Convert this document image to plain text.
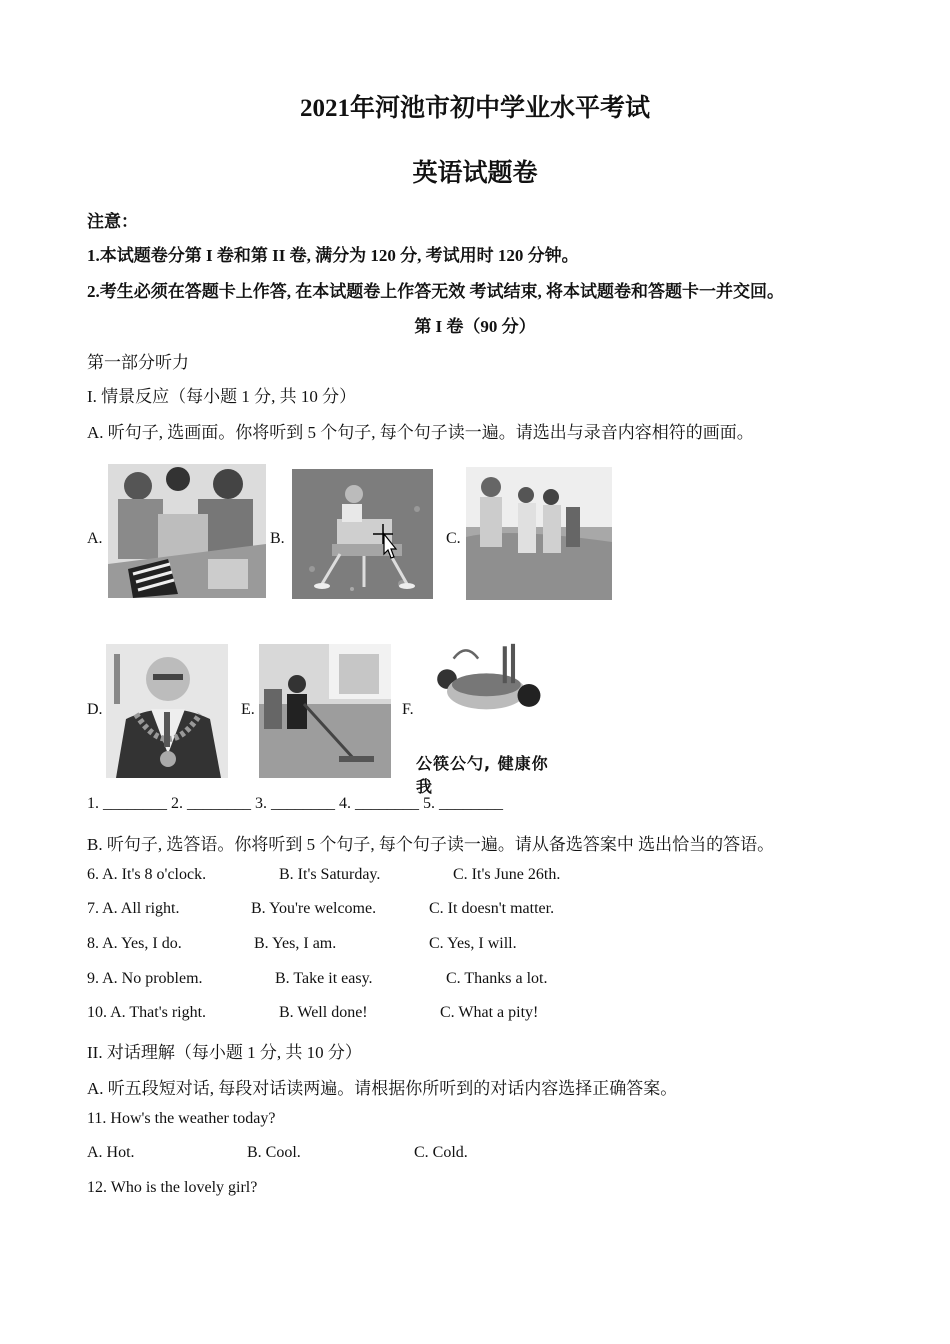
2021年河池市初中学业水平考试
英语试题卷
注意：
1.本试题卷分第 I 卷和第 II 卷, 满分为 120 分, 考试用时 120 分钟。
2.考生必须在答题卡上作答, 在本试题卷上作答无效 考试结束, 将本试题卷和答题卡一并交回。
第 I 卷（90 分）
第一部分听力
I. 情景反应（每小题 1 分, 共 10 分）
A. 听句子, 选画面。你将听到 5 个句子, 每个句子读一遍。请选出与录音内容相符的画面。
A.	B.	C.
D.	E.	F.
公筷公勺, 健康你我
1. ________ 2. ________ 3. ________ 4. ________ 5. ________
B. 听句子, 选答语。你将听到 5 个句子, 每个句子读一遍。请从备选答案中 选出恰当的答语。
6. A. It's 8 o'clock.	B. It's Saturday.	C. It's June 26th.
7. A. All right.	B. You're welcome.	C. It doesn't matter.
8. A. Yes, I do.	B. Yes, I am.	C. Yes, I will.
9. A. No problem.	B. Take it easy.	C. Thanks a lot.
10. A. That's right.	B. Well done!	C. What a pity!
II. 对话理解（每小题 1 分, 共 10 分）
A. 听五段短对话, 每段对话读两遍。请根据你所听到的对话内容选择正确答案。
11. How's the weather today?
A. Hot.	B. Cool.	C. Cold.
12. Who is the lovely girl?
